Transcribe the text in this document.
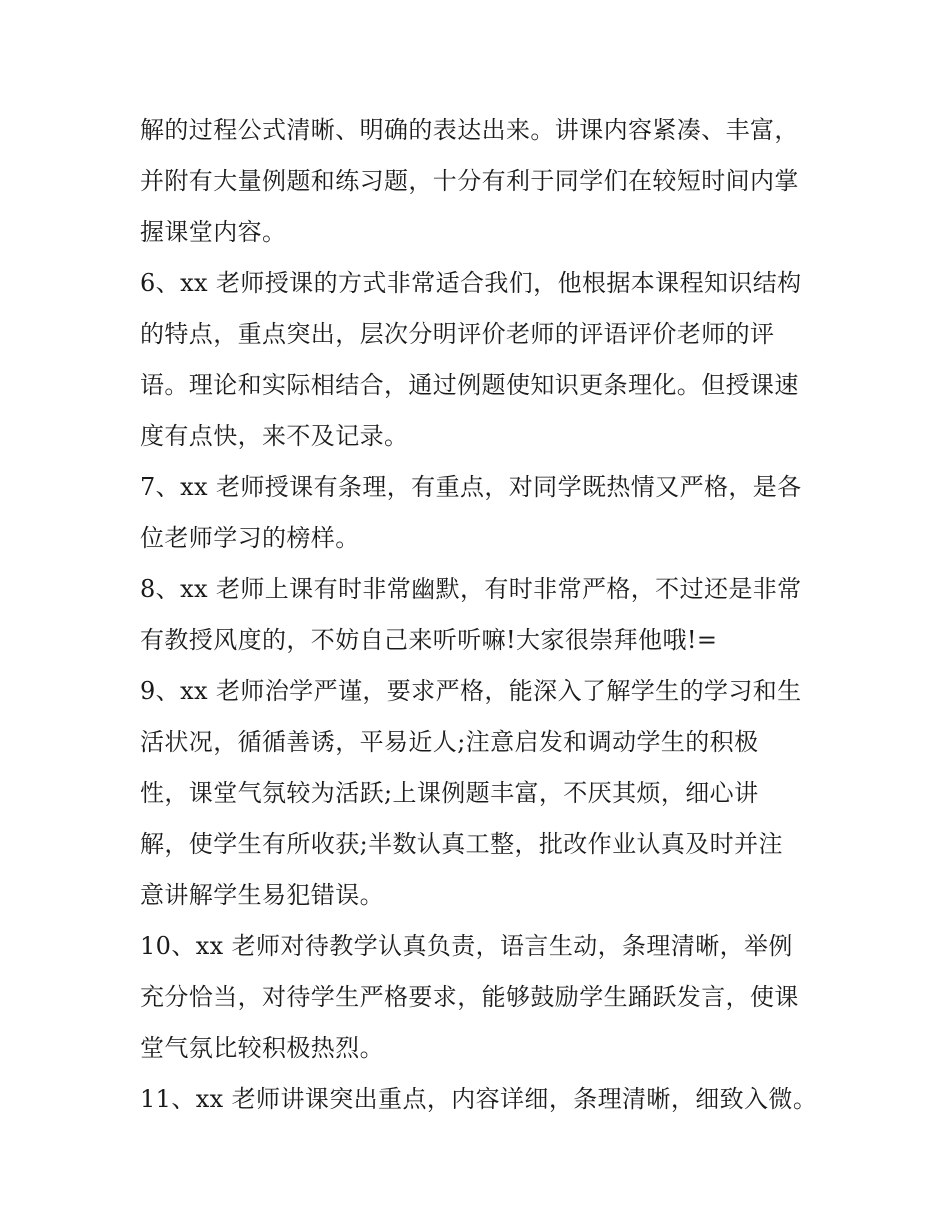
解的过程公式清晰、明确的表达出来。讲课内容紧凑、丰富，
并附有大量例题和练习题，十分有利于同学们在较短时间内掌
握课堂内容。
6、xx 老师授课的方式非常适合我们，他根据本课程知识结构
的特点，重点突出，层次分明评价老师的评语评价老师的评
语。理论和实际相结合，通过例题使知识更条理化。但授课速
度有点快，来不及记录。
7、xx 老师授课有条理，有重点，对同学既热情又严格，是各
位老师学习的榜样。
8、xx 老师上课有时非常幽默，有时非常严格，不过还是非常
有教授风度的，不妨自己来听听嘛!大家很崇拜他哦!=
9、xx 老师治学严谨，要求严格，能深入了解学生的学习和生
活状况，循循善诱，平易近人;注意启发和调动学生的积极
性，课堂气氛较为活跃;上课例题丰富，不厌其烦，细心讲
解，使学生有所收获;半数认真工整，批改作业认真及时并注
意讲解学生易犯错误。
10、xx 老师对待教学认真负责，语言生动，条理清晰，举例
充分恰当，对待学生严格要求，能够鼓励学生踊跃发言，使课
堂气氛比较积极热烈。
11、xx 老师讲课突出重点，内容详细，条理清晰，细致入微。
